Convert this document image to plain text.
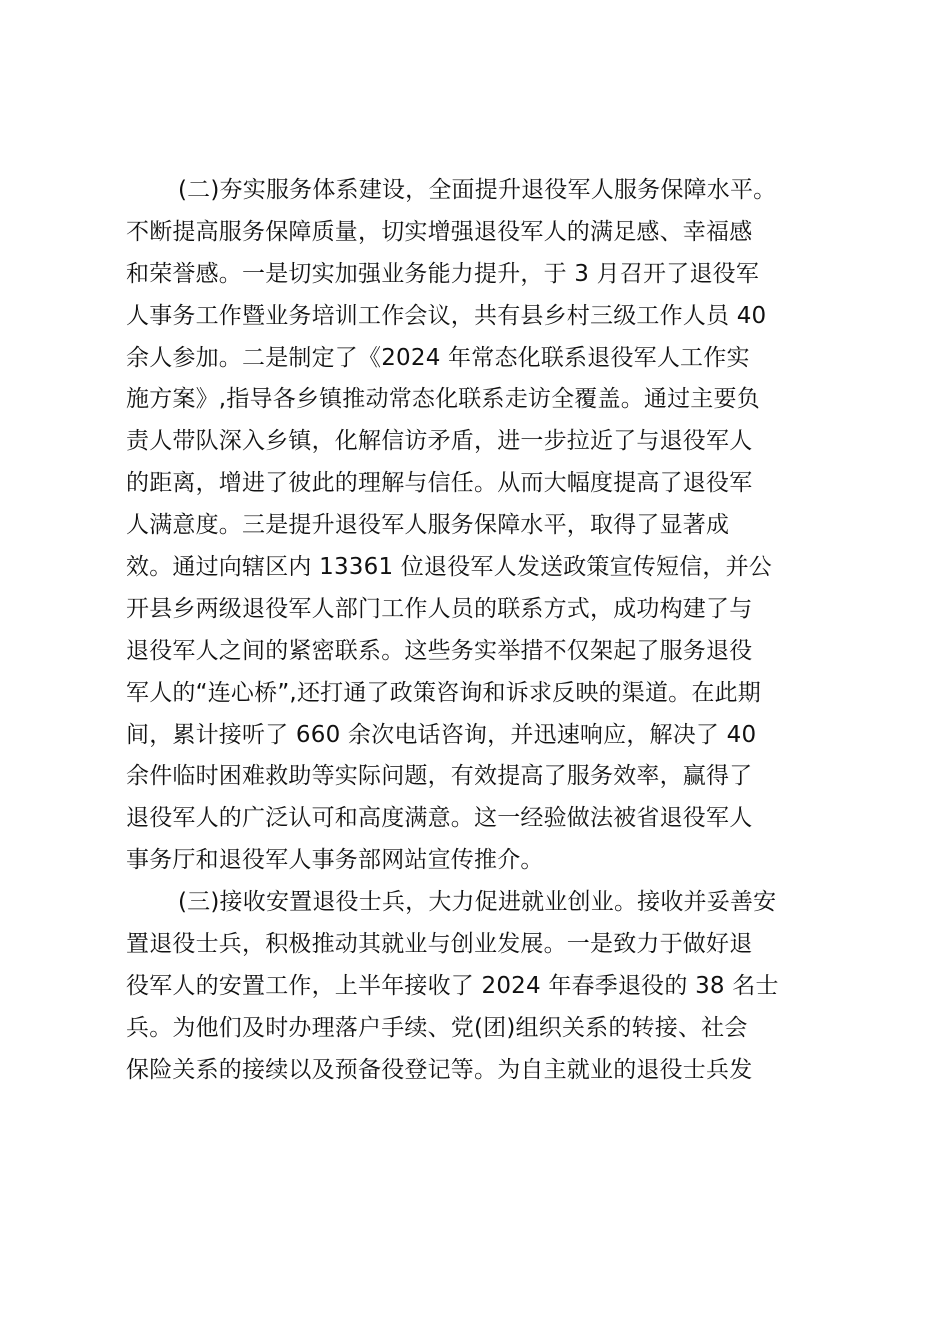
(二)夯实服务体系建设，全面提升退役军人服务保障水平。
不断提高服务保障质量，切实增强退役军人的满足感、幸福感
和荣誉感。一是切实加强业务能力提升，于 3 月召开了退役军
人事务工作暨业务培训工作会议，共有县乡村三级工作人员 40
余人参加。二是制定了《2024 年常态化联系退役军人工作实
施方案》,指导各乡镇推动常态化联系走访全覆盖。通过主要负
责人带队深入乡镇，化解信访矛盾，进一步拉近了与退役军人
的距离，增进了彼此的理解与信任。从而大幅度提高了退役军
人满意度。三是提升退役军人服务保障水平，取得了显著成
效。通过向辖区内 13361 位退役军人发送政策宣传短信，并公
开县乡两级退役军人部门工作人员的联系方式，成功构建了与
退役军人之间的紧密联系。这些务实举措不仅架起了服务退役
军人的“连心桥”,还打通了政策咨询和诉求反映的渠道。在此期
间，累计接听了 660 余次电话咨询，并迅速响应，解决了 40
余件临时困难救助等实际问题，有效提高了服务效率，赢得了
退役军人的广泛认可和高度满意。这一经验做法被省退役军人
事务厅和退役军人事务部网站宣传推介。
(三)接收安置退役士兵，大力促进就业创业。接收并妥善安
置退役士兵，积极推动其就业与创业发展。一是致力于做好退
役军人的安置工作，上半年接收了 2024 年春季退役的 38 名士
兵。为他们及时办理落户手续、党(团)组织关系的转接、社会
保险关系的接续以及预备役登记等。为自主就业的退役士兵发
